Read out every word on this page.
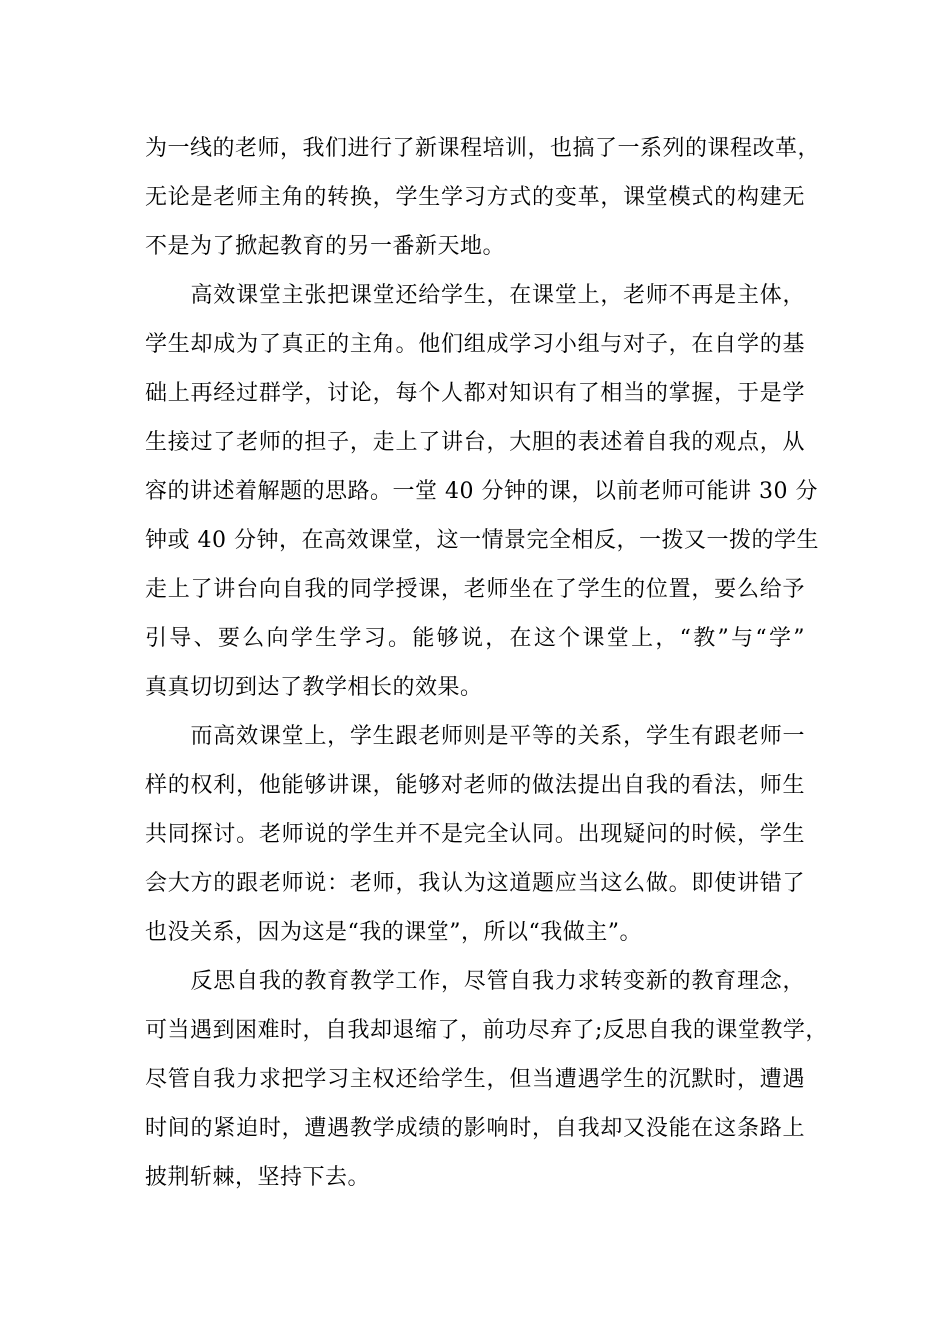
为一线的老师，我们进行了新课程培训，也搞了一系列的课程改革，
无论是老师主角的转换，学生学习方式的变革，课堂模式的构建无
不是为了掀起教育的另一番新天地。
　　高效课堂主张把课堂还给学生，在课堂上，老师不再是主体，
学生却成为了真正的主角。他们组成学习小组与对子，在自学的基
础上再经过群学，讨论，每个人都对知识有了相当的掌握，于是学
生接过了老师的担子，走上了讲台，大胆的表述着自我的观点，从
容的讲述着解题的思路。一堂 40 分钟的课，以前老师可能讲 30 分
钟或 40 分钟，在高效课堂，这一情景完全相反，一拨又一拨的学生
走上了讲台向自我的同学授课，老师坐在了学生的位置，要么给予
引导、要么向学生学习。能够说，在这个课堂上，“教”与“学”
真真切切到达了教学相长的效果。
　　而高效课堂上，学生跟老师则是平等的关系，学生有跟老师一
样的权利，他能够讲课，能够对老师的做法提出自我的看法，师生
共同探讨。老师说的学生并不是完全认同。出现疑问的时候，学生
会大方的跟老师说：老师，我认为这道题应当这么做。即使讲错了
也没关系，因为这是“我的课堂”，所以“我做主”。
　　反思自我的教育教学工作，尽管自我力求转变新的教育理念，
可当遇到困难时，自我却退缩了，前功尽弃了;反思自我的课堂教学，
尽管自我力求把学习主权还给学生，但当遭遇学生的沉默时，遭遇
时间的紧迫时，遭遇教学成绩的影响时，自我却又没能在这条路上
披荆斩棘，坚持下去。
